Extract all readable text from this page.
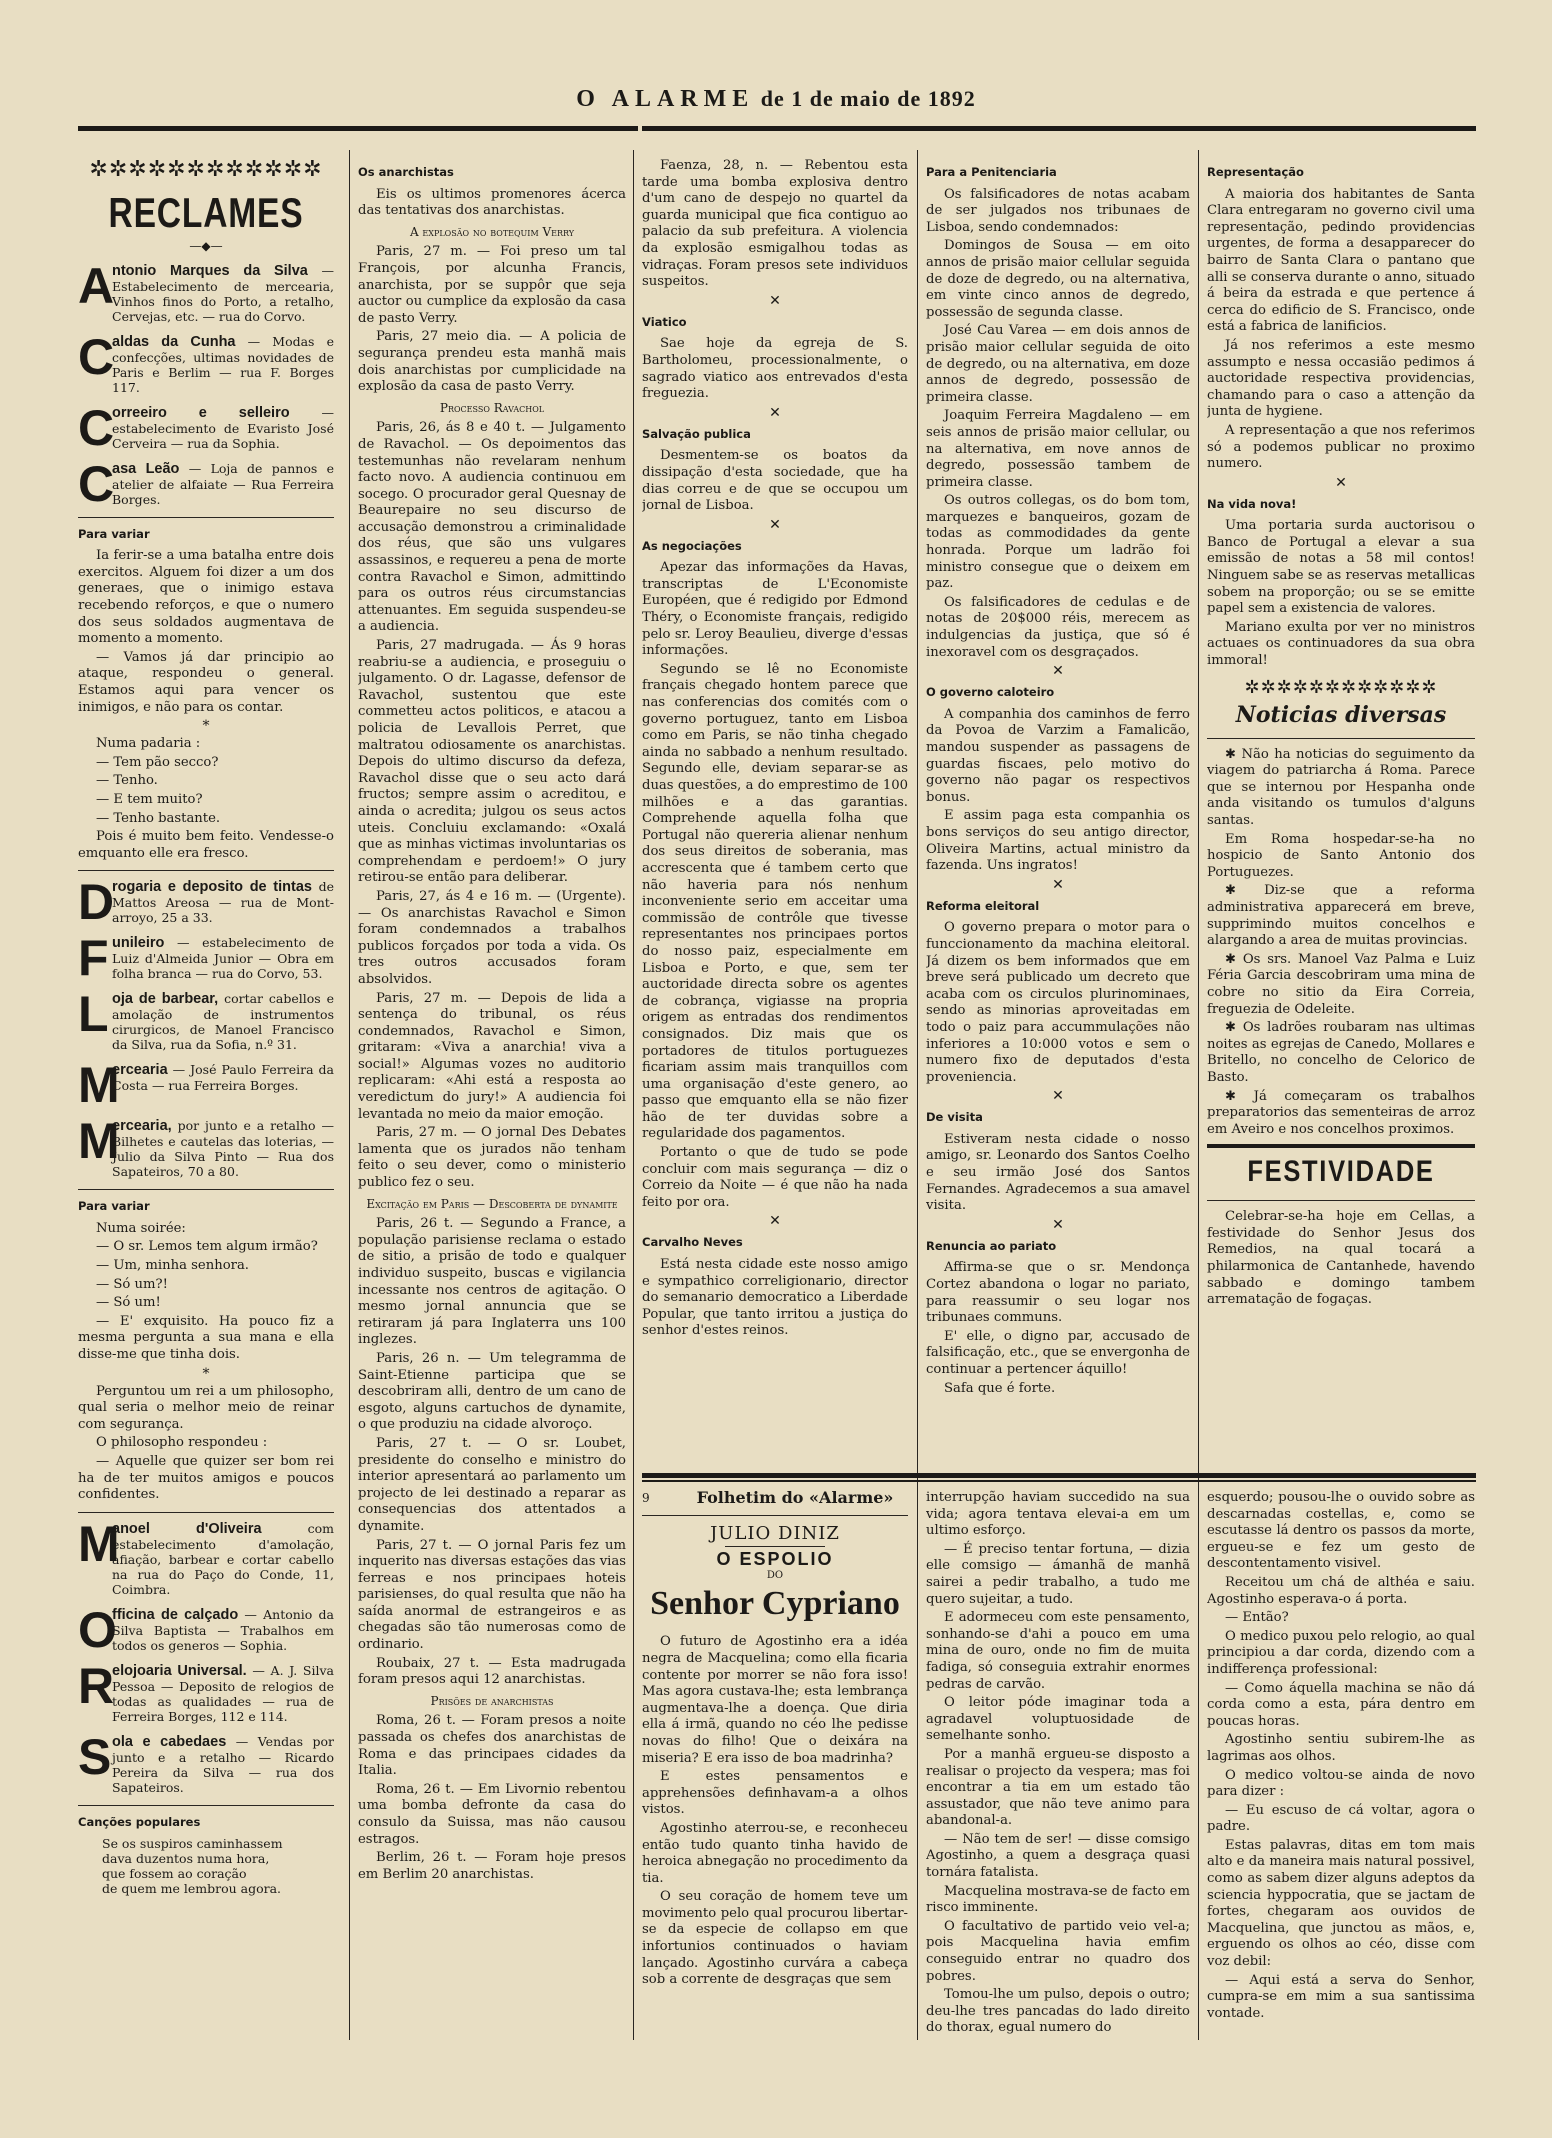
O ALARME de 1 de maio de 1892
✲✲✲✲✲✲✲✲✲✲✲✲
RECLAMES
—◆—
A
ntonio Marques da Silva — Estabelecimento de mercearia, Vinhos finos do Porto, a retalho, Cervejas, etc. — rua do Corvo.
C
aldas da Cunha — Modas e confecções, ultimas novidades de Paris e Berlim — rua F. Borges 117.
C
orreeiro e selleiro — estabelecimento de Evaristo José Cerveira — rua da Sophia.
C
asa Leão — Loja de pannos e atelier de alfaiate — Rua Ferreira Borges.
Para variar

Ia ferir-se a uma batalha entre dois exercitos. Alguem foi dizer a um dos generaes, que o inimigo estava recebendo reforços, e que o numero dos seus soldados augmentava de momento a momento.

— Vamos já dar principio ao ataque, respondeu o general. Estamos aqui para vencer os inimigos, e não para os contar.

*

Numa padaria :

— Tem pão secco?

— Tenho.

— E tem muito?

— Tenho bastante.

Pois é muito bem feito. Vendesse-o emquanto elle era fresco.

D
rogaria e deposito de tintas de Mattos Areosa — rua de Mont-arroyo, 25 a 33.
F unileiro — estabelecimento de Luiz d'Almeida Junior — Obra em folha branca — rua do Corvo, 53.
L oja de barbear, cortar cabellos e amolação de instrumentos cirurgicos, de Manoel Francisco da Silva, rua da Sofia, n.º 31.
M
ercearia — José Paulo Ferreira da Costa — rua Ferreira Borges.
M
ercearia, por junto e a retalho — Bilhetes e cautelas das loterias, — Julio da Silva Pinto — Rua dos Sapateiros, 70 a 80.
Para variar

Numa soirée:

— O sr. Lemos tem algum irmão?

— Um, minha senhora.

— Só um?!

— Só um!

— E' exquisito. Ha pouco fiz a mesma pergunta a sua mana e ella disse-me que tinha dois.

*

Perguntou um rei a um philosopho, qual seria o melhor meio de reinar com segurança.

O philosopho respondeu :

— Aquelle que quizer ser bom rei ha de ter muitos amigos e poucos confidentes.

M
anoel d'Oliveira com estabelecimento d'amolação, afiação, barbear e cortar cabello na rua do Paço do Conde, 11, Coimbra.
O
fficina de calçado — Antonio da Silva Baptista — Trabalhos em todos os generos — Sophia.
R
elojoaria Universal. — A. J. Silva Pessoa — Deposito de relogios de todas as qualidades — rua de Ferreira Borges, 112 e 114.
S ola e cabedaes — Vendas por junto e a retalho — Ricardo Pereira da Silva — rua dos Sapateiros.
Canções populares
Se os suspiros caminhassem
dava duzentos numa hora,
que fossem ao coração
de quem me lembrou agora.
Os anarchistas

Eis os ultimos promenores ácerca das tentativas dos anarchistas.

A explosão no botequim Verry

Paris, 27 m. — Foi preso um tal François, por alcunha Francis, anarchista, por se suppôr que seja auctor ou cumplice da explosão da casa de pasto Verry.

Paris, 27 meio dia. — A policia de segurança prendeu esta manhã mais dois anarchistas por cumplicidade na explosão da casa de pasto Verry.

Processo Ravachol

Paris, 26, ás 8 e 40 t. — Julgamento de Ravachol. — Os depoimentos das testemunhas não revelaram nenhum facto novo. A audiencia continuou em socego. O procurador geral Quesnay de Beaurepaire no seu discurso de accusação demonstrou a criminalidade dos réus, que são uns vulgares assassinos, e requereu a pena de morte contra Ravachol e Simon, admittindo para os outros réus circumstancias attenuantes. Em seguida suspendeu-se a audiencia.

Paris, 27 madrugada. — Ás 9 horas reabriu-se a audiencia, e proseguiu o julgamento. O dr. Lagasse, defensor de Ravachol, sustentou que este commetteu actos politicos, e atacou a policia de Levallois Perret, que maltratou odiosamente os anarchistas. Depois do ultimo discurso da defeza, Ravachol disse que o seu acto dará fructos; sempre assim o acreditou, e ainda o acredita; julgou os seus actos uteis. Concluiu exclamando: «Oxalá que as minhas victimas involuntarias os comprehendam e perdoem!» O jury retirou-se então para deliberar.

Paris, 27, ás 4 e 16 m. — (Urgente). — Os anarchistas Ravachol e Simon foram condemnados a trabalhos publicos forçados por toda a vida. Os tres outros accusados foram absolvidos.

Paris, 27 m. — Depois de lida a sentença do tribunal, os réus condemnados, Ravachol e Simon, gritaram: «Viva a anarchia! viva a social!» Algumas vozes no auditorio replicaram: «Ahi está a resposta ao veredictum do jury!» A audiencia foi levantada no meio da maior emoção.

Paris, 27 m. — O jornal Des Debates lamenta que os jurados não tenham feito o seu dever, como o ministerio publico fez o seu.

Excitação em Paris — Descoberta de dynamite

Paris, 26 t. — Segundo a France, a população parisiense reclama o estado de sitio, a prisão de todo e qualquer individuo suspeito, buscas e vigilancia incessante nos centros de agitação. O mesmo jornal annuncia que se retiraram já para Inglaterra uns 100 inglezes.

Paris, 26 n. — Um telegramma de Saint-Etienne participa que se descobriram alli, dentro de um cano de esgoto, alguns cartuchos de dynamite, o que produziu na cidade alvoroço.

Paris, 27 t. — O sr. Loubet, presidente do conselho e ministro do interior apresentará ao parlamento um projecto de lei destinado a reparar as consequencias dos attentados a dynamite.

Paris, 27 t. — O jornal Paris fez um inquerito nas diversas estações das vias ferreas e nos principaes hoteis parisienses, do qual resulta que não ha saída anormal de estrangeiros e as chegadas são tão numerosas como de ordinario.

Roubaix, 27 t. — Esta madrugada foram presos aqui 12 anarchistas.

Prisões de anarchistas

Roma, 26 t. — Foram presos a noite passada os chefes dos anarchistas de Roma e das principaes cidades da Italia.

Roma, 26 t. — Em Livornio rebentou uma bomba defronte da casa do consulo da Suissa, mas não causou estragos.

Berlim, 26 t. — Foram hoje presos em Berlim 20 anarchistas.

Faenza, 28, n. — Rebentou esta tarde uma bomba explosiva dentro d'um cano de despejo no quartel da guarda municipal que fica contiguo ao palacio da sub prefeitura. A violencia da explosão esmigalhou todas as vidraças. Foram presos sete individuos suspeitos.

✕
Viatico

Sae hoje da egreja de S. Bartholomeu, processionalmente, o sagrado viatico aos entrevados d'esta freguezia.

✕
Salvação publica

Desmentem-se os boatos da dissipação d'esta sociedade, que ha dias correu e de que se occupou um jornal de Lisboa.

✕
As negociações

Apezar das informações da Havas, transcriptas de L'Economiste Européen, que é redigido por Edmond Théry, o Economiste français, redigido pelo sr. Leroy Beaulieu, diverge d'essas informações.

Segundo se lê no Economiste français chegado hontem parece que nas conferencias dos comités com o governo portuguez, tanto em Lisboa como em Paris, se não tinha chegado ainda no sabbado a nenhum resultado. Segundo elle, deviam separar-se as duas questões, a do emprestimo de 100 milhões e a das garantias. Comprehende aquella folha que Portugal não quereria alienar nenhum dos seus direitos de soberania, mas accrescenta que é tambem certo que não haveria para nós nenhum inconveniente serio em acceitar uma commissão de contrôle que tivesse representantes nos principaes portos do nosso paiz, especialmente em Lisboa e Porto, e que, sem ter auctoridade directa sobre os agentes de cobrança, vigiasse na propria origem as entradas dos rendimentos consignados. Diz mais que os portadores de titulos portuguezes ficariam assim mais tranquillos com uma organisação d'este genero, ao passo que emquanto ella se não fizer hão de ter duvidas sobre a regularidade dos pagamentos.

Portanto o que de tudo se pode concluir com mais segurança — diz o Correio da Noite — é que não ha nada feito por ora.

✕
Carvalho Neves

Está nesta cidade este nosso amigo e sympathico correligionario, director do semanario democratico a Liberdade Popular, que tanto irritou a justiça do senhor d'estes reinos.

Para a Penitenciaria

Os falsificadores de notas acabam de ser julgados nos tribunaes de Lisboa, sendo condemnados:

Domingos de Sousa — em oito annos de prisão maior cellular seguida de doze de degredo, ou na alternativa, em vinte cinco annos de degredo, possessão de segunda classe.

José Cau Varea — em dois annos de prisão maior cellular seguida de oito de degredo, ou na alternativa, em doze annos de degredo, possessão de primeira classe.

Joaquim Ferreira Magdaleno — em seis annos de prisão maior cellular, ou na alternativa, em nove annos de degredo, possessão tambem de primeira classe.

Os outros collegas, os do bom tom, marquezes e banqueiros, gozam de todas as commodidades da gente honrada. Porque um ladrão foi ministro consegue que o deixem em paz.

Os falsificadores de cedulas e de notas de 20$000 réis, merecem as indulgencias da justiça, que só é inexoravel com os desgraçados.

✕
O governo caloteiro

A companhia dos caminhos de ferro da Povoa de Varzim a Famalicão, mandou suspender as passagens de guardas fiscaes, pelo motivo do governo não pagar os respectivos bonus.

E assim paga esta companhia os bons serviços do seu antigo director, Oliveira Martins, actual ministro da fazenda. Uns ingratos!

✕
Reforma eleitoral

O governo prepara o motor para o funccionamento da machina eleitoral. Já dizem os bem informados que em breve será publicado um decreto que acaba com os circulos plurinominaes, sendo as minorias aproveitadas em todo o paiz para accummulações não inferiores a 10:000 votos e sem o numero fixo de deputados d'esta proveniencia.

✕
De visita

Estiveram nesta cidade o nosso amigo, sr. Leonardo dos Santos Coelho e seu irmão José dos Santos Fernandes. Agradecemos a sua amavel visita.

✕
Renuncia ao pariato

Affirma-se que o sr. Mendonça Cortez abandona o logar no pariato, para reassumir o seu logar nos tribunaes communs.

E' elle, o digno par, accusado de falsificação, etc., que se envergonha de continuar a pertencer áquillo!

Safa que é forte.

Representação

A maioria dos habitantes de Santa Clara entregaram no governo civil uma representação, pedindo providencias urgentes, de forma a desapparecer do bairro de Santa Clara o pantano que alli se conserva durante o anno, situado á beira da estrada e que pertence á cerca do edificio de S. Francisco, onde está a fabrica de lanificios.

Já nos referimos a este mesmo assumpto e nessa occasião pedimos á auctoridade respectiva providencias, chamando para o caso a attenção da junta de hygiene.

A representação a que nos referimos só a podemos publicar no proximo numero.

✕
Na vida nova!

Uma portaria surda auctorisou o Banco de Portugal a elevar a sua emissão de notas a 58 mil contos! Ninguem sabe se as reservas metallicas sobem na proporção; ou se se emitte papel sem a existencia de valores.

Mariano exulta por ver no ministros actuaes os continuadores da sua obra immoral!

✲✲✲✲✲✲✲✲✲✲✲✲
Noticias diversas

✱ Não ha noticias do seguimento da viagem do patriarcha á Roma. Parece que se internou por Hespanha onde anda visitando os tumulos d'alguns santas.

Em Roma hospedar-se-ha no hospicio de Santo Antonio dos Portuguezes.

✱ Diz-se que a reforma administrativa apparecerá em breve, supprimindo muitos concelhos e alargando a area de muitas provincias.

✱ Os srs. Manoel Vaz Palma e Luiz Féria Garcia descobriram uma mina de cobre no sitio da Eira Correia, freguezia de Odeleite.

✱ Os ladrões roubaram nas ultimas noites as egrejas de Canedo, Mollares e Britello, no concelho de Celorico de Basto.

✱ Já começaram os trabalhos preparatorios das sementeiras de arroz em Aveiro e nos concelhos proximos.

FESTIVIDADE

Celebrar-se-ha hoje em Cellas, a festividade do Senhor Jesus dos Remedios, na qual tocará a philarmonica de Cantanhede, havendo sabbado e domingo tambem arrematação de fogaças.

9	Folhetim do «Alarme»
JULIO DINIZ
O ESPOLIO
DO
Senhor Cypriano

O futuro de Agostinho era a idéa negra de Macquelina; como ella ficaria contente por morrer se não fora isso! Mas agora custava-lhe; esta lembrança augmentava-lhe a doença. Que diria ella á irmã, quando no céo lhe pedisse novas do filho! Que o deixára na miseria? E era isso de boa madrinha?

E estes pensamentos e apprehensões definhavam-a a olhos vistos.

Agostinho aterrou-se, e reconheceu então tudo quanto tinha havido de heroica abnegação no procedimento da tia.

O seu coração de homem teve um movimento pelo qual procurou libertar-se da especie de collapso em que infortunios continuados o haviam lançado. Agostinho curvára a cabeça sob a corrente de desgraças que sem

interrupção haviam succedido na sua vida; agora tentava elevai-a em um ultimo esforço.

— É preciso tentar fortuna, — dizia elle comsigo — ámanhã de manhã sairei a pedir trabalho, a tudo me quero sujeitar, a tudo.

E adormeceu com este pensamento, sonhando-se d'ahi a pouco em uma mina de ouro, onde no fim de muita fadiga, só conseguia extrahir enormes pedras de carvão.

O leitor póde imaginar toda a agradavel voluptuosidade de semelhante sonho.

Por a manhã ergueu-se disposto a realisar o projecto da vespera; mas foi encontrar a tia em um estado tão assustador, que não teve animo para abandonal-a.

— Não tem de ser! — disse comsigo Agostinho, a quem a desgraça quasi tornára fatalista.

Macquelina mostrava-se de facto em risco imminente.

O facultativo de partido veio vel-a; pois Macquelina havia emfim conseguido entrar no quadro dos pobres.

Tomou-lhe um pulso, depois o outro; deu-lhe tres pancadas do lado direito do thorax, egual numero do

esquerdo; pousou-lhe o ouvido sobre as descarnadas costellas, e, como se escutasse lá dentro os passos da morte, ergueu-se e fez um gesto de descontentamento visivel.

Receitou um chá de althéa e saiu. Agostinho esperava-o á porta.

— Então?

O medico puxou pelo relogio, ao qual principiou a dar corda, dizendo com a indifferença professional:

— Como áquella machina se não dá corda como a esta, pára dentro em poucas horas.

Agostinho sentiu subirem-lhe as lagrimas aos olhos.

O medico voltou-se ainda de novo para dizer :

— Eu escuso de cá voltar, agora o padre.

Estas palavras, ditas em tom mais alto e da maneira mais natural possivel, como as sabem dizer alguns adeptos da sciencia hyppocratia, que se jactam de fortes, chegaram aos ouvidos de Macquelina, que junctou as mãos, e, erguendo os olhos ao céo, disse com voz debil:

— Aqui está a serva do Senhor, cumpra-se em mim a sua santissima vontade.
